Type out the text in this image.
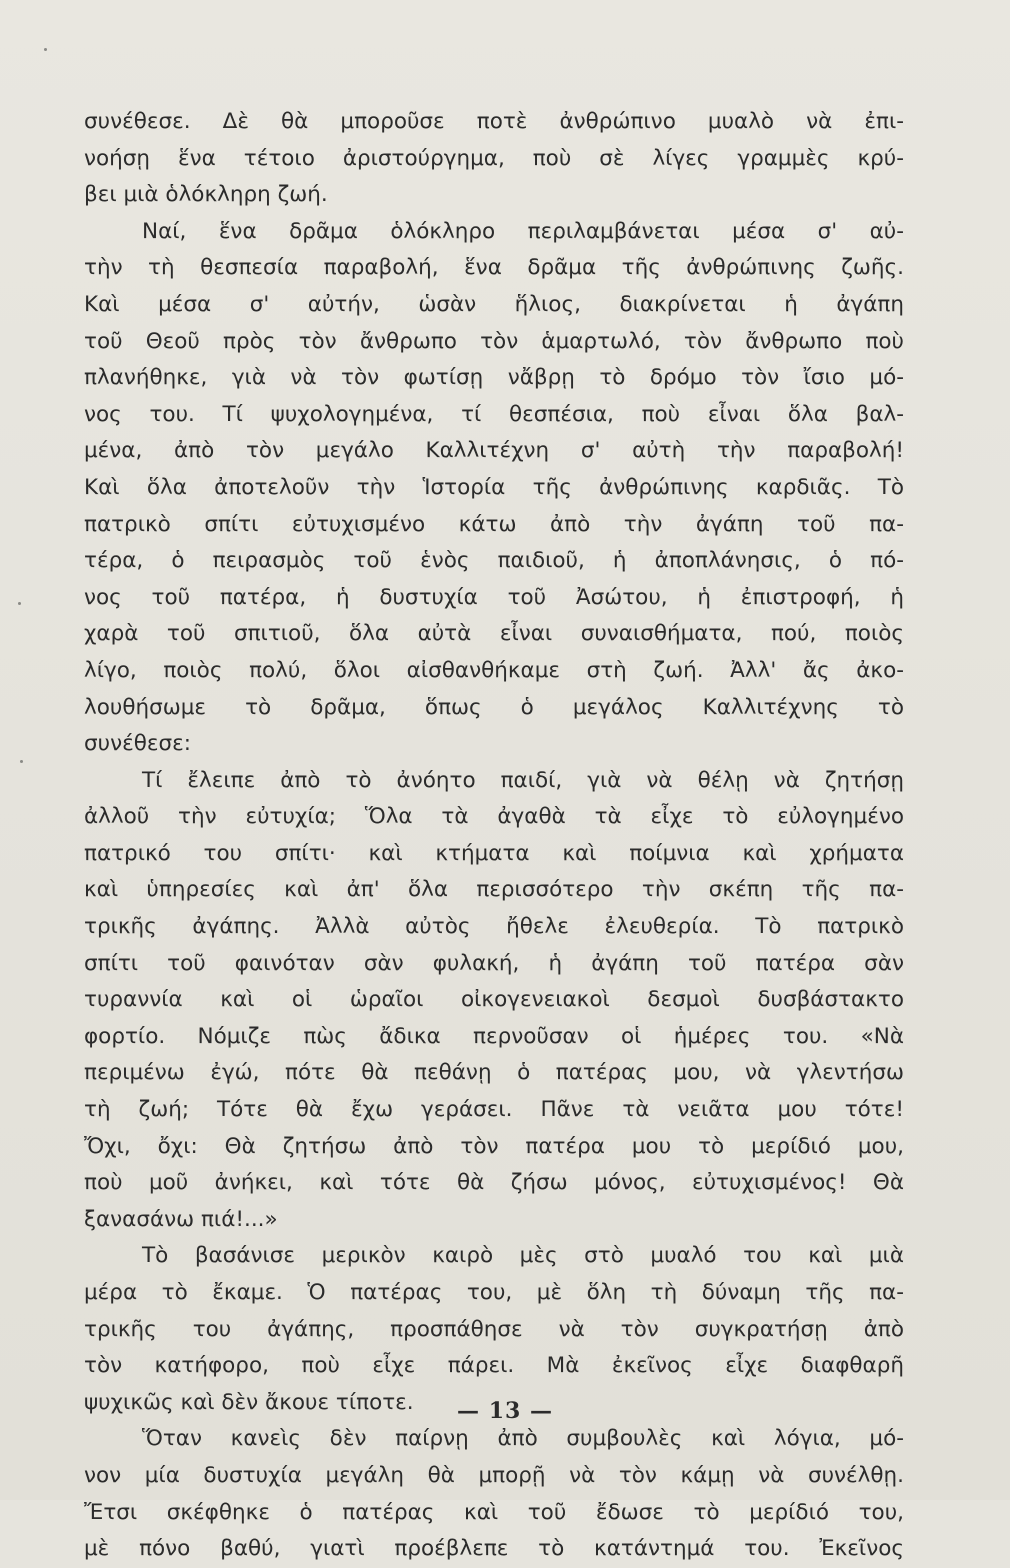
συνέθεσε. Δὲ θὰ μποροῦσε ποτὲ ἀνθρώπινο μυαλὸ νὰ ἐπι-
νοήσῃ ἕνα τέτοιο ἀριστούργημα, ποὺ σὲ λίγες γραμμὲς κρύ-
βει μιὰ ὁλόκληρη ζωή.
Ναί, ἕνα δρᾶμα ὁλόκληρο περιλαμβάνεται μέσα σ' αὐ-
τὴν τὴ θεσπεσία παραβολή, ἕνα δρᾶμα τῆς ἀνθρώπινης ζωῆς.
Καὶ μέσα σ' αὐτήν, ὡσὰν ἥλιος, διακρίνεται ἡ ἀγάπη
τοῦ Θεοῦ πρὸς τὸν ἄνθρωπο τὸν ἁμαρτωλό, τὸν ἄνθρωπο ποὺ
πλανήθηκε, γιὰ νὰ τὸν φωτίσῃ νἄβρῃ τὸ δρόμο τὸν ἴσιο μό-
νος του. Τί ψυχολογημένα, τί θεσπέσια, ποὺ εἶναι ὅλα βαλ-
μένα, ἀπὸ τὸν μεγάλο Καλλιτέχνη σ' αὐτὴ τὴν παραβολή!
Καὶ ὅλα ἀποτελοῦν τὴν Ἱστορία τῆς ἀνθρώπινης καρδιᾶς. Τὸ
πατρικὸ σπίτι εὐτυχισμένο κάτω ἀπὸ τὴν ἀγάπη τοῦ πα-
τέρα, ὁ πειρασμὸς τοῦ ἑνὸς παιδιοῦ, ἡ ἀποπλάνησις, ὁ πό-
νος τοῦ πατέρα, ἡ δυστυχία τοῦ Ἀσώτου, ἡ ἐπιστροφή, ἡ
χαρὰ τοῦ σπιτιοῦ, ὅλα αὐτὰ εἶναι συναισθήματα, πού, ποιὸς
λίγο, ποιὸς πολύ, ὅλοι αἰσθανθήκαμε στὴ ζωή. Ἀλλ' ἄς ἀκο-
λουθήσωμε τὸ δρᾶμα, ὅπως ὁ μεγάλος Καλλιτέχνης τὸ
συνέθεσε:
Τί ἔλειπε ἀπὸ τὸ ἀνόητο παιδί, γιὰ νὰ θέλῃ νὰ ζητήσῃ
ἀλλοῦ τὴν εὐτυχία; Ὅλα τὰ ἀγαθὰ τὰ εἶχε τὸ εὐλογημένο
πατρικό του σπίτι· καὶ κτήματα καὶ ποίμνια καὶ χρήματα
καὶ ὑπηρεσίες καὶ ἀπ' ὅλα περισσότερο τὴν σκέπη τῆς πα-
τρικῆς ἀγάπης. Ἀλλὰ αὐτὸς ἤθελε ἐλευθερία. Τὸ πατρικὸ
σπίτι τοῦ φαινόταν σὰν φυλακή, ἡ ἀγάπη τοῦ πατέρα σὰν
τυραννία καὶ οἱ ὡραῖοι οἰκογενειακοὶ δεσμοὶ δυσβάστακτο
φορτίο. Νόμιζε πὼς ἄδικα περνοῦσαν οἱ ἡμέρες του. «Νὰ
περιμένω ἐγώ, πότε θὰ πεθάνῃ ὁ πατέρας μου, νὰ γλεντήσω
τὴ ζωή; Τότε θὰ ἔχω γεράσει. Πᾶνε τὰ νειᾶτα μου τότε!
Ὄχι, ὄχι: Θὰ ζητήσω ἀπὸ τὸν πατέρα μου τὸ μερίδιό μου,
ποὺ μοῦ ἀνήκει, καὶ τότε θὰ ζήσω μόνος, εὐτυχισμένος! Θὰ
ξανασάνω πιά!...»
Τὸ βασάνισε μερικὸν καιρὸ μὲς στὸ μυαλό του καὶ μιὰ
μέρα τὸ ἔκαμε. Ὁ πατέρας του, μὲ ὅλη τὴ δύναμη τῆς πα-
τρικῆς του ἀγάπης, προσπάθησε νὰ τὸν συγκρατήσῃ ἀπὸ
τὸν κατήφορο, ποὺ εἶχε πάρει. Μὰ ἐκεῖνος εἶχε διαφθαρῆ
ψυχικῶς καὶ δὲν ἄκουε τίποτε.
Ὅταν κανεὶς δὲν παίρνῃ ἀπὸ συμβουλὲς καὶ λόγια, μό-
νον μία δυστυχία μεγάλη θὰ μπορῇ νὰ τὸν κάμῃ νὰ συνέλθῃ.
Ἔτσι σκέφθηκε ὁ πατέρας καὶ τοῦ ἔδωσε τὸ μερίδιό του,
μὲ πόνο βαθύ, γιατὶ προέβλεπε τὸ κατάντημά του. Ἐκεῖνος
— 13 —
